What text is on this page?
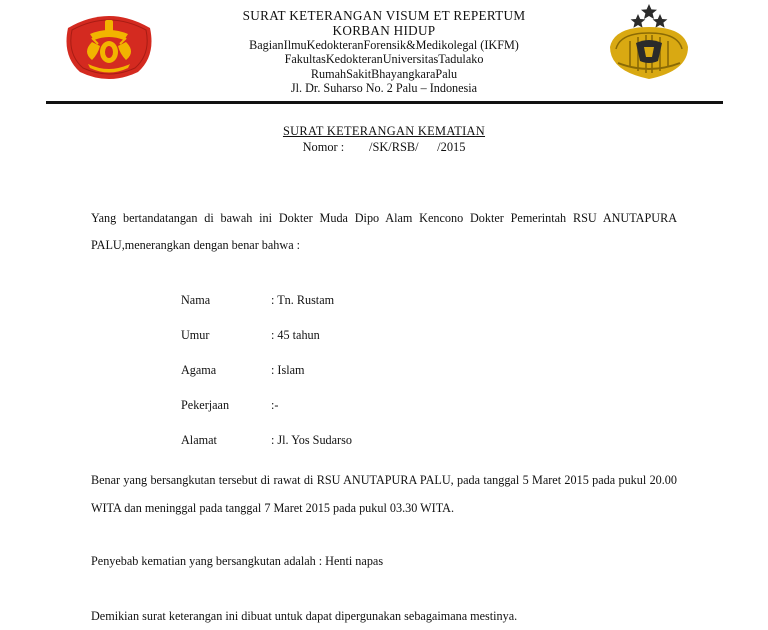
SURAT KETERANGAN VISUM ET REPERTUM
KORBAN HIDUP
BagianIlmuKedokteranForensik&Medikolegal (IKFM)
FakultasKedokteranUniversitasTadulako
RumahSakitBhayangkaraPalu
Jl. Dr. Suharso No. 2 Palu – Indonesia
SURAT KETERANGAN KEMATIAN
Nomor :        /SK/RSB/      /2015
Yang bertandatangan di bawah ini Dokter Muda Dipo Alam Kencono Dokter Pemerintah RSU ANUTAPURA PALU,menerangkan dengan benar bahwa :
Nama	: Tn. Rustam
Umur	: 45 tahun
Agama	: Islam
Pekerjaan	:-
Alamat	: Jl. Yos Sudarso
Benar yang bersangkutan tersebut di rawat di RSU ANUTAPURA PALU, pada tanggal 5 Maret 2015 pada pukul 20.00 WITA dan meninggal pada tanggal 7 Maret 2015 pada pukul 03.30 WITA.
Penyebab kematian yang bersangkutan adalah : Henti napas
Demikian surat keterangan ini dibuat untuk dapat dipergunakan sebagaimana mestinya.
